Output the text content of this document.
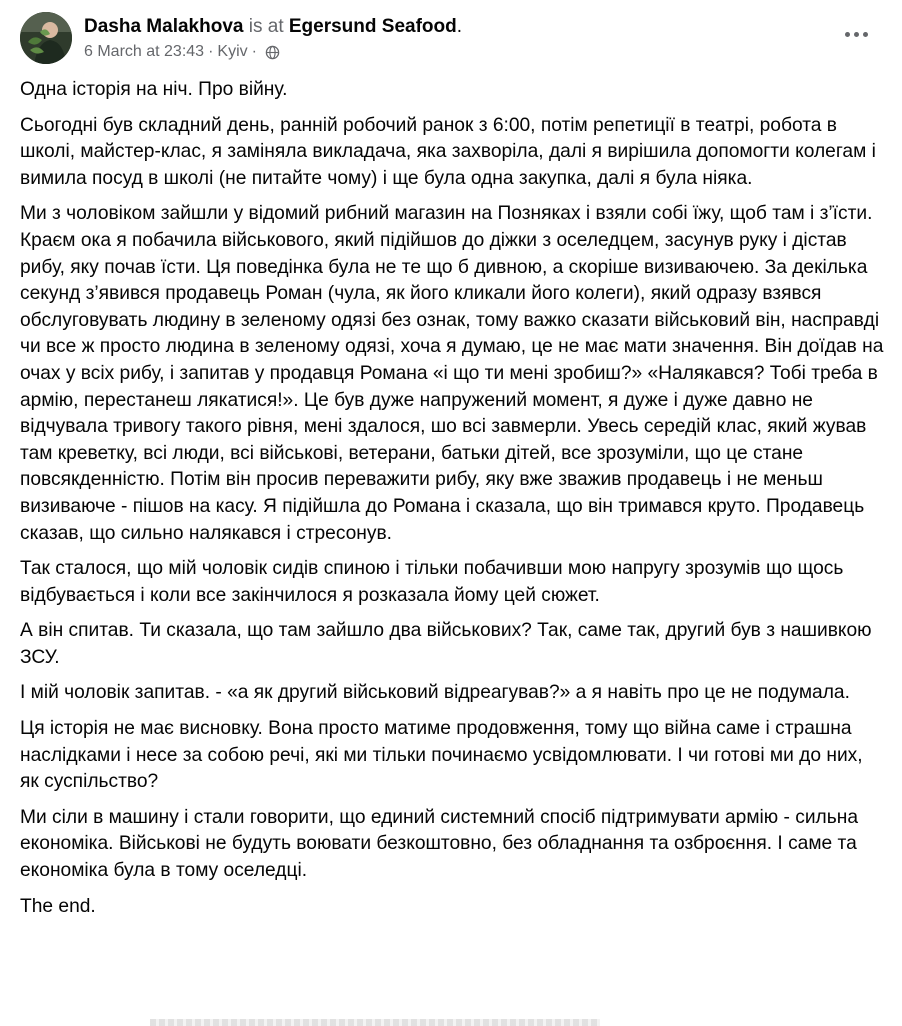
Dasha Malakhova is at Egersund Seafood.
6 March at 23:43 · Kyiv ·

Одна історія на ніч. Про війну.

Сьогодні був складний день, ранній робочий ранок з 6:00, потім репетиції в театрі, робота в школі, майстер-клас, я заміняла викладача, яка захворіла, далі я вирішила допомогти колегам і вимила посуд в школі (не питайте чому) і ще була одна закупка, далі я була ніяка.

Ми з чоловіком зайшли у відомий рибний магазин на Позняках і взяли собі їжу, щоб там і з’їсти. Краєм ока я побачила військового, який підійшов до діжки з оселедцем, засунув руку і дістав рибу, яку почав їсти. Ця поведінка була не те що б дивною, а скоріше визиваючею. За декілька секунд з’явився продавець Роман (чула, як його кликали його колеги), який одразу взявся обслуговувать людину в зеленому одязі без ознак, тому важко сказати військовий він, насправді чи все ж просто людина в зеленому одязі, хоча я думаю, це не має мати значення. Він доїдав на очах у всіх рибу, і запитав у продавця Романа «і що ти мені зробиш?» «Налякався? Тобі треба в армію, перестанеш лякатися!». Це був дуже напружений момент, я дуже і дуже давно не відчувала тривогу такого рівня, мені здалося, шо всі завмерли. Увесь середій клас, який жував там креветку, всі люди, всі військові, ветерани, батьки дітей, все зрозуміли, що це стане повсякденністю. Потім він просив переважити рибу, яку вже зважив продавець і не меньш визиваюче - пішов на касу. Я підійшла до Романа і сказала, що він тримався круто. Продавець сказав, що сильно налякався і стресонув.

Так сталося, що мій чоловік сидів спиною і тільки побачивши мою напругу зрозумів що щось відбувається і коли все закінчилося я розказала йому цей сюжет.

А він спитав. Ти сказала, що там зайшло два військових? Так, саме так, другий був з нашивкою ЗСУ.

І мій чоловік запитав. - «а як другий військовий відреагував?» а я навіть про це не подумала.

Ця історія не має висновку. Вона просто матиме продовження, тому що війна саме і страшна наслідками і несе за собою речі, які ми тільки починаємо усвідомлювати. І чи готові ми до них, як суспільство?

Ми сіли в машину і стали говорити, що единий системний спосіб підтримувати армію - сильна економіка. Військові не будуть воювати безкоштовно, без обладнання та озброєння. І саме та економіка була в тому оселедці.

The end.
